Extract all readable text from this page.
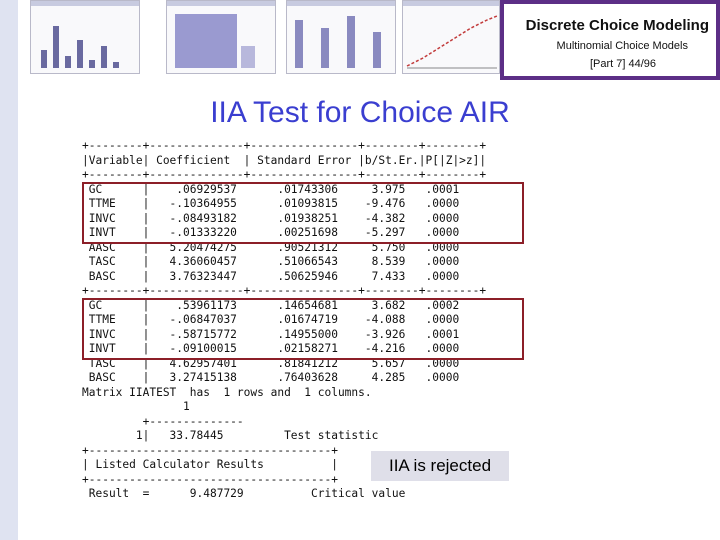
Discrete Choice Modeling
Multinomial Choice Models
[Part 7] 44/96
IIA Test for Choice AIR
+--------+--------------+----------------+--------+--------+
|Variable| Coefficient  | Standard Error |b/St.Er.|P[|Z|>z]|
+--------+--------------+----------------+--------+--------+
GC      |    .06929537      .01743306     3.975   .0001
TTME    |   -.10364955      .01093815    -9.476   .0000
INVC    |   -.08493182      .01938251    -4.382   .0000
INVT    |   -.01333220      .00251698    -5.297   .0000
AASC    |   5.20474275      .90521312     5.750   .0000
TASC    |   4.36060457      .51066543     8.539   .0000
BASC    |   3.76323447      .50625946     7.433   .0000
+--------+--------------+----------------+--------+--------+
GC      |    .53961173      .14654681     3.682   .0002
TTME    |   -.06847037      .01674719    -4.088   .0000
INVC    |   -.58715772      .14955000    -3.926   .0001
INVT    |   -.09100015      .02158271    -4.216   .0000
TASC    |   4.62957401      .81841212     5.657   .0000
BASC    |   3.27415138      .76403628     4.285   .0000
Matrix IIATEST  has  1 rows and  1 columns.
1
+--------------
1|   33.78445         Test statistic
+------------------------------------+
| Listed Calculator Results          |
+------------------------------------+
Result  =      9.487729          Critical value
IIA is rejected
